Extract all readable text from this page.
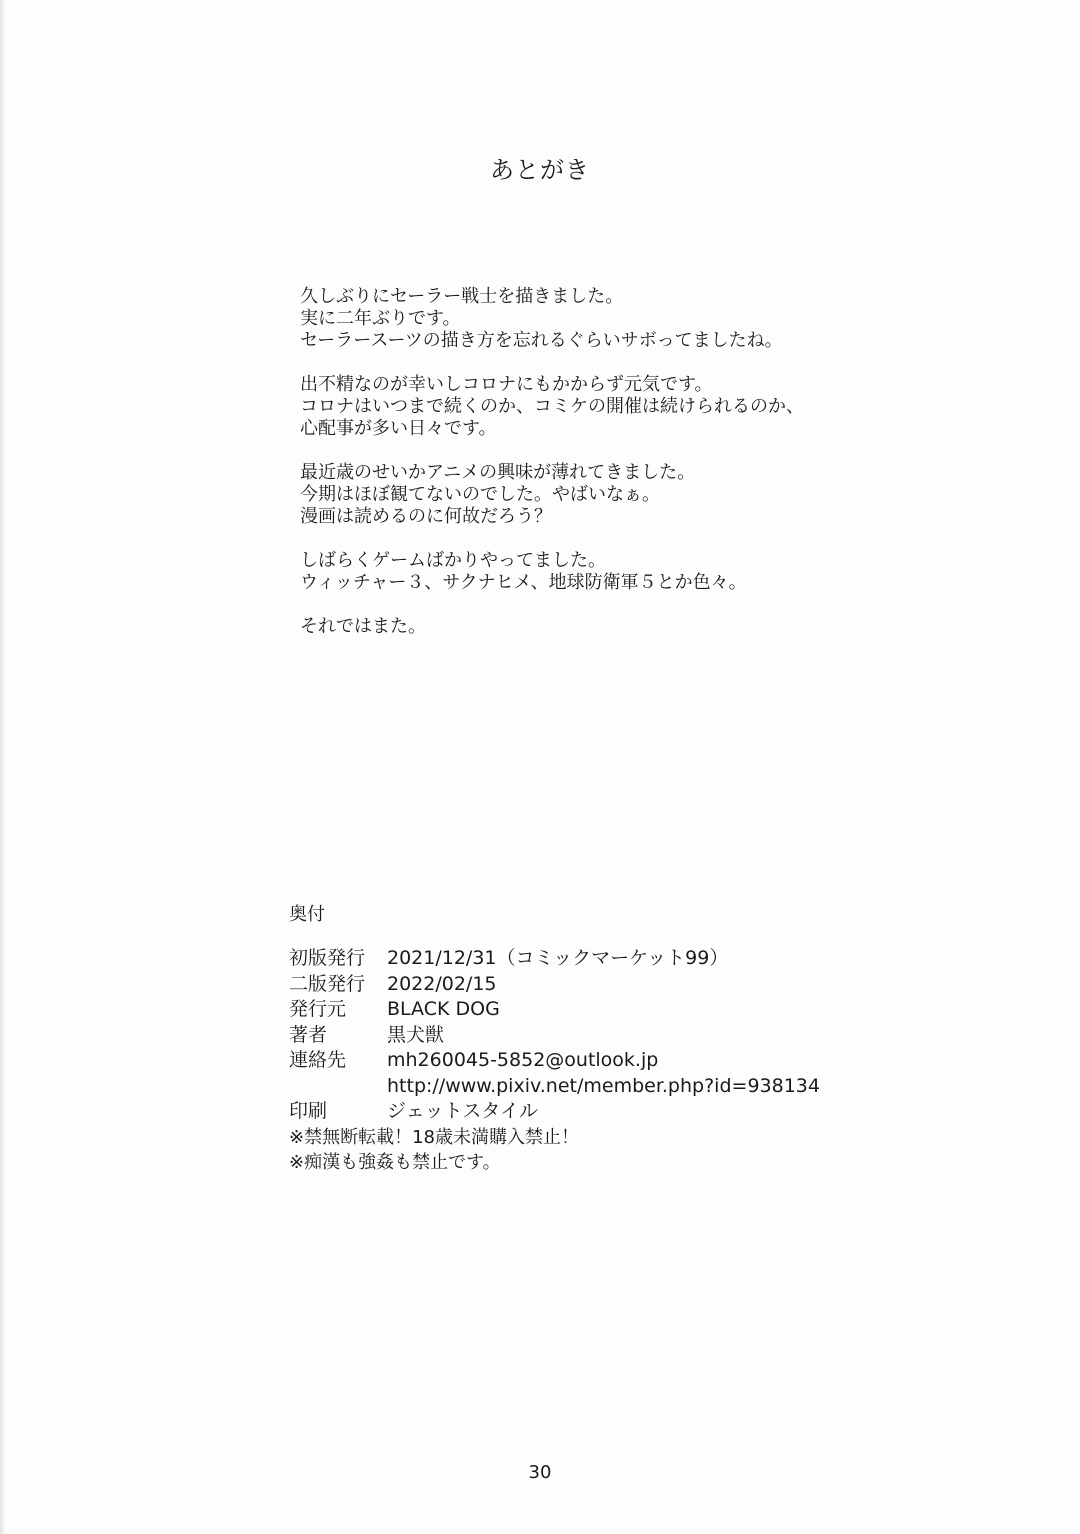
あとがき
久しぶりにセーラー戦士を描きました。
実に二年ぶりです。
セーラースーツの描き方を忘れるぐらいサボってましたね。
出不精なのが幸いしコロナにもかからず元気です。
コロナはいつまで続くのか、コミケの開催は続けられるのか、
心配事が多い日々です。
最近歳のせいかアニメの興味が薄れてきました。
今期はほぼ観てないのでした。やばいなぁ。
漫画は読めるのに何故だろう？
しばらくゲームばかりやってました。
ウィッチャー３、サクナヒメ、地球防衛軍５とか色々。
それではまた。
奥付
初版発行	2021/12/31（コミックマーケット99）
二版発行	2022/02/15
発行元	BLACK DOG
著者	黒犬獣
連絡先	mh260045-5852@outlook.jp
http://www.pixiv.net/member.php?id=938134
印刷	ジェットスタイル
※禁無断転載！18歳未満購入禁止！
※痴漢も強姦も禁止です。
30
